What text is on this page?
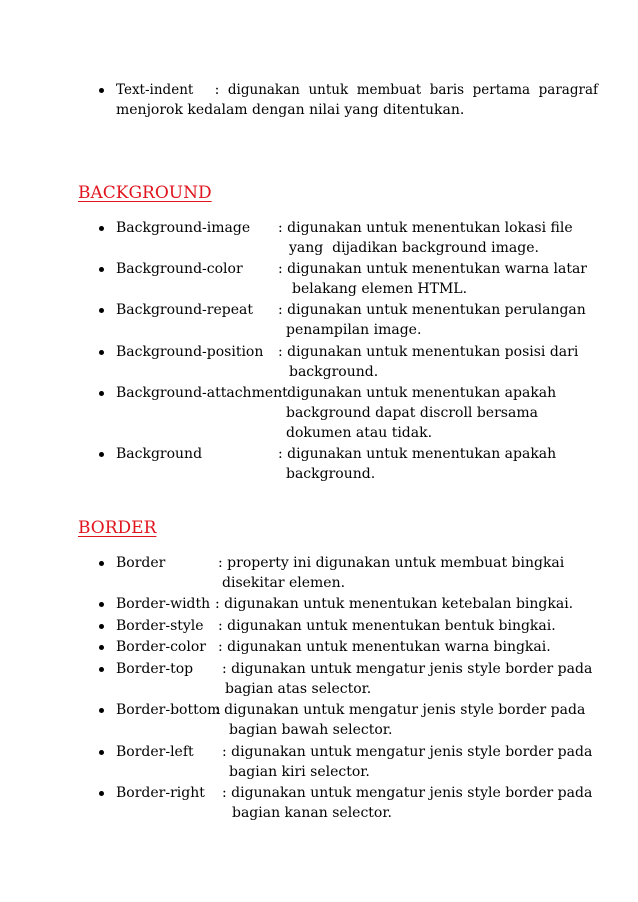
Text-indent     :  digunakan  untuk  membuat  baris  pertama  paragraf
menjorok kedalam dengan nilai yang ditentukan.
BACKGROUND
Background-image : digunakan untuk menentukan lokasi file
yang  dijadikan background image.
Background-color	: digunakan untuk menentukan warna latar
belakang elemen HTML.
Background-repeat : digunakan untuk menentukan perulangan
penampilan image.
Background-position : digunakan untuk menentukan posisi dari
background.
Background-attachment
: digunakan untuk menentukan apakah
background dapat discroll bersama
dokumen atau tidak.
Background	: digunakan untuk menentukan apakah
background.
BORDER
Border	: property ini digunakan untuk membuat bingkai
disekitar elemen.
Border-width : digunakan untuk menentukan ketebalan bingkai.
Border-style : digunakan untuk menentukan bentuk bingkai.
Border-color : digunakan untuk menentukan warna bingkai.
Border-top : digunakan untuk mengatur jenis style border pada
bagian atas selector.
Border-bottom
: digunakan untuk mengatur jenis style border pada
bagian bawah selector.
Border-left : digunakan untuk mengatur jenis style border pada
bagian kiri selector.
Border-right : digunakan untuk mengatur jenis style border pada
bagian kanan selector.
